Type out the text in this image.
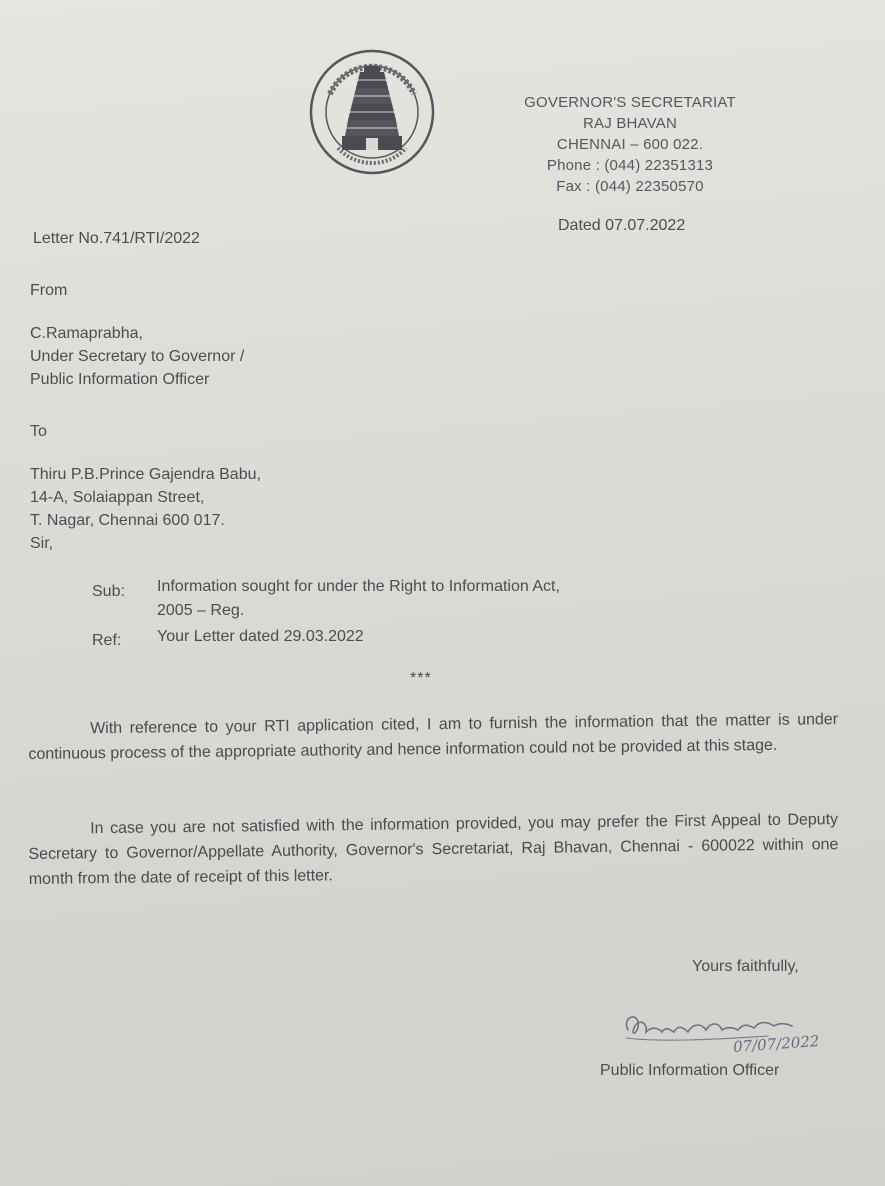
GOVERNOR'S SECRETARIAT
RAJ BHAVAN
CHENNAI – 600 022.
Phone : (044) 22351313
Fax : (044) 22350570
Dated 07.07.2022
Letter No.741/RTI/2022
From
C.Ramaprabha,
Under Secretary to Governor /
Public Information Officer
To
Thiru P.B.Prince Gajendra Babu,
14-A, Solaiappan Street,
T. Nagar, Chennai 600 017.
Sir,
Sub: Information sought for under the Right to Information Act,
2005 – Reg.
Ref: Your Letter dated 29.03.2022
***
With reference to your RTI application cited, I am to furnish the information that the matter is under continuous process of the appropriate authority and hence information could not be provided at this stage.
In case you are not satisfied with the information provided, you may prefer the First Appeal to Deputy Secretary to Governor/Appellate Authority, Governor's Secretariat, Raj Bhavan, Chennai - 600022 within one month from the date of receipt of this letter.
Yours faithfully,
07/07/2022
Public Information Officer
